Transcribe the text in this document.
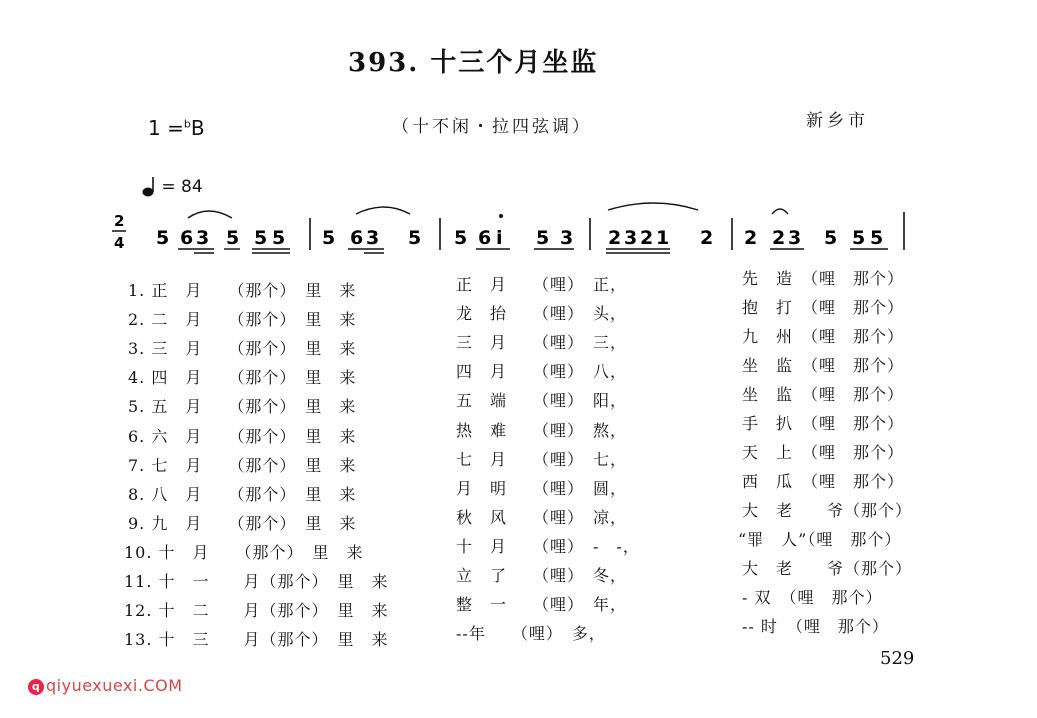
393. 十三个月坐监
1 =$^b$B	（十不闲・拉四弦调）	新乡市
= 84
2
4 5 6 3 5 5 5 5 6 3 5 5 6 i 5 3 2 3 2 1 2 2 2 3 5 5 5
1. 正　月　　（那个）　里　来	正　月　　（哩）　正，	先　造　（哩　那个）
2. 二　月　　（那个）　里　来	龙　抬　　（哩）　头，	抱　打　（哩　那个）
3. 三　月　　（那个）　里　来	三　月　　（哩）　三，	九　州　（哩　那个）
4. 四　月　　（那个）　里　来	四　月　　（哩）　八，	坐　监　（哩　那个）
5. 五　月　　（那个）　里　来	五　端　　（哩）　阳，	坐　监　（哩　那个）
6. 六　月　　（那个）　里　来	热　难　　（哩）　熬，	手　扒　（哩　那个）
7. 七　月　　（那个）　里　来	七　月　　（哩）　七，	天　上　（哩　那个）
8. 八　月　　（那个）　里　来	月　明　　（哩）　圆，	西　瓜　（哩　那个）
9. 九　月　　（那个）　里　来	秋　风　　（哩）　凉，	大　老　　爷（那个）
10. 十　月　　（那个）　里　来	十　月　　（哩）　-　-，	“罪　人”（哩　那个）
11. 十　一　　月（那个）　里　来	立　了　　（哩）　冬，	大　老　　爷（那个）
12. 十　二　　月（那个）　里　来	整　一　　（哩）　年，	- 双　（哩　那个）
13. 十　三　　月（那个）　里　来	--年　　（哩）　多，	-- 时　（哩　那个）
529
q qiyuexuexi.COM
